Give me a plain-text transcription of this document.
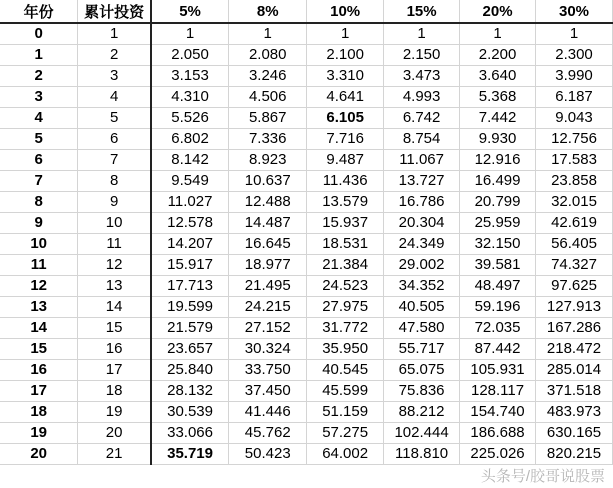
年份	累计投资	5%	8%	10%	15%	20%	30%
0	1	1	1	1	1	1	1
1	2	2.050	2.080	2.100	2.150	2.200	2.300
2	3	3.153	3.246	3.310	3.473	3.640	3.990
3	4	4.310	4.506	4.641	4.993	5.368	6.187
4	5	5.526	5.867	6.105	6.742	7.442	9.043
5	6	6.802	7.336	7.716	8.754	9.930	12.756
6	7	8.142	8.923	9.487	11.067	12.916	17.583
7	8	9.549	10.637	11.436	13.727	16.499	23.858
8	9	11.027	12.488	13.579	16.786	20.799	32.015
9	10	12.578	14.487	15.937	20.304	25.959	42.619
10	11	14.207	16.645	18.531	24.349	32.150	56.405
11	12	15.917	18.977	21.384	29.002	39.581	74.327
12	13	17.713	21.495	24.523	34.352	48.497	97.625
13	14	19.599	24.215	27.975	40.505	59.196	127.913
14	15	21.579	27.152	31.772	47.580	72.035	167.286
15	16	23.657	30.324	35.950	55.717	87.442	218.472
16	17	25.840	33.750	40.545	65.075	105.931	285.014
17	18	28.132	37.450	45.599	75.836	128.117	371.518
18	19	30.539	41.446	51.159	88.212	154.740	483.973
19	20	33.066	45.762	57.275	102.444	186.688	630.165
20	21	35.719	50.423	64.002	118.810	225.026	820.215
头条号/胶哥说股票
